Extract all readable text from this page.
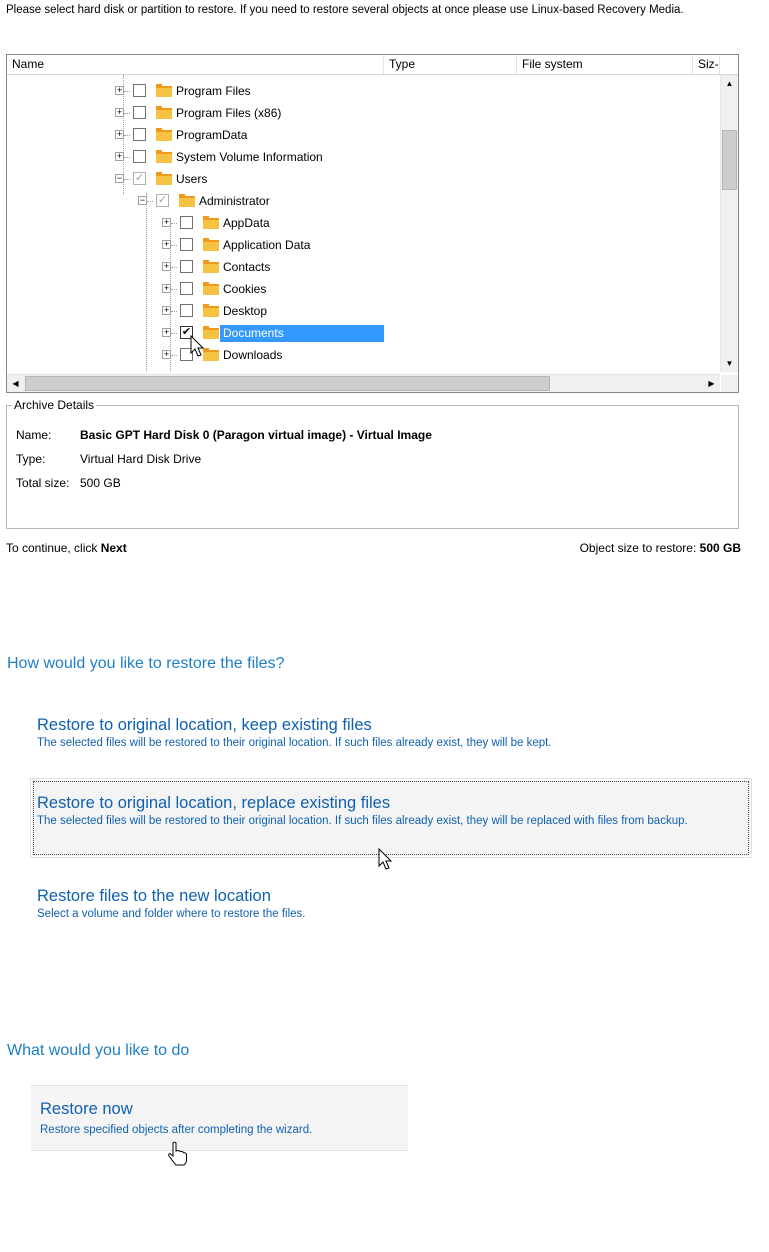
Please select hard disk or partition to restore. If you need to restore several objects at once please use Linux-based Recovery Media.
Name	Type	File system	Siz‐
+	Program Files
+	Program Files (x86)
+	ProgramData
+	System Volume Information
− ✓	Users
− ✓	Administrator
+	AppData
+	Application Data
+	Contacts
+	Cookies
+	Desktop
+ ✔	Documents
+	Downloads
▲
▼
◀	▶
Name: Basic GPT Hard Disk 0 (Paragon virtual image) - Virtual Image
Type:	Virtual Hard Disk Drive
Total size: 500 GB
Archive Details
To continue, click Next	Object size to restore: 500 GB
How would you like to restore the files?
Restore to original location, keep existing files
The selected files will be restored to their original location. If such files already exist, they will be kept.
Restore to original location, replace existing files
The selected files will be restored to their original location. If such files already exist, they will be replaced with files from backup.
Restore files to the new location
Select a volume and folder where to restore the files.
What would you like to do
Restore now
Restore specified objects after completing the wizard.
